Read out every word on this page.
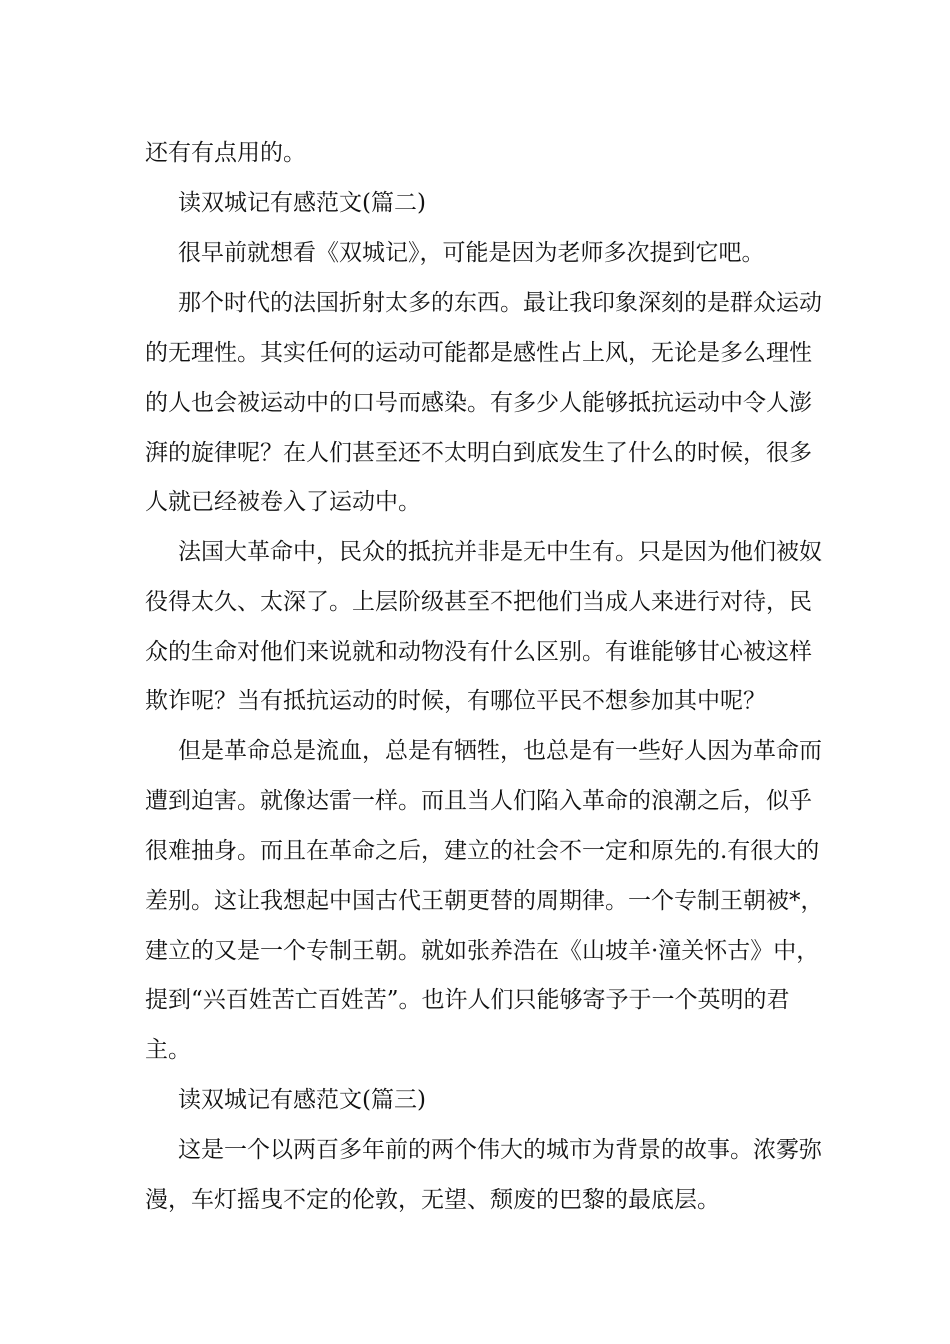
还有有点用的。
读双城记有感范文(篇二)
很早前就想看《双城记》，可能是因为老师多次提到它吧。
那个时代的法国折射太多的东西。最让我印象深刻的是群众运动
的无理性。其实任何的运动可能都是感性占上风，无论是多么理性
的人也会被运动中的口号而感染。有多少人能够抵抗运动中令人澎
湃的旋律呢？在人们甚至还不太明白到底发生了什么的时候，很多
人就已经被卷入了运动中。
法国大革命中，民众的抵抗并非是无中生有。只是因为他们被奴
役得太久、太深了。上层阶级甚至不把他们当成人来进行对待，民
众的生命对他们来说就和动物没有什么区别。有谁能够甘心被这样
欺诈呢？当有抵抗运动的时候，有哪位平民不想参加其中呢？
但是革命总是流血，总是有牺牲，也总是有一些好人因为革命而
遭到迫害。就像达雷一样。而且当人们陷入革命的浪潮之后，似乎
很难抽身。而且在革命之后，建立的社会不一定和原先的.有很大的
差别。这让我想起中国古代王朝更替的周期律。一个专制王朝被*，
建立的又是一个专制王朝。就如张养浩在《山坡羊·潼关怀古》中，
提到“兴百姓苦亡百姓苦”。也许人们只能够寄予于一个英明的君
主。
读双城记有感范文(篇三)
这是一个以两百多年前的两个伟大的城市为背景的故事。浓雾弥
漫，车灯摇曳不定的伦敦，无望、颓废的巴黎的最底层。
